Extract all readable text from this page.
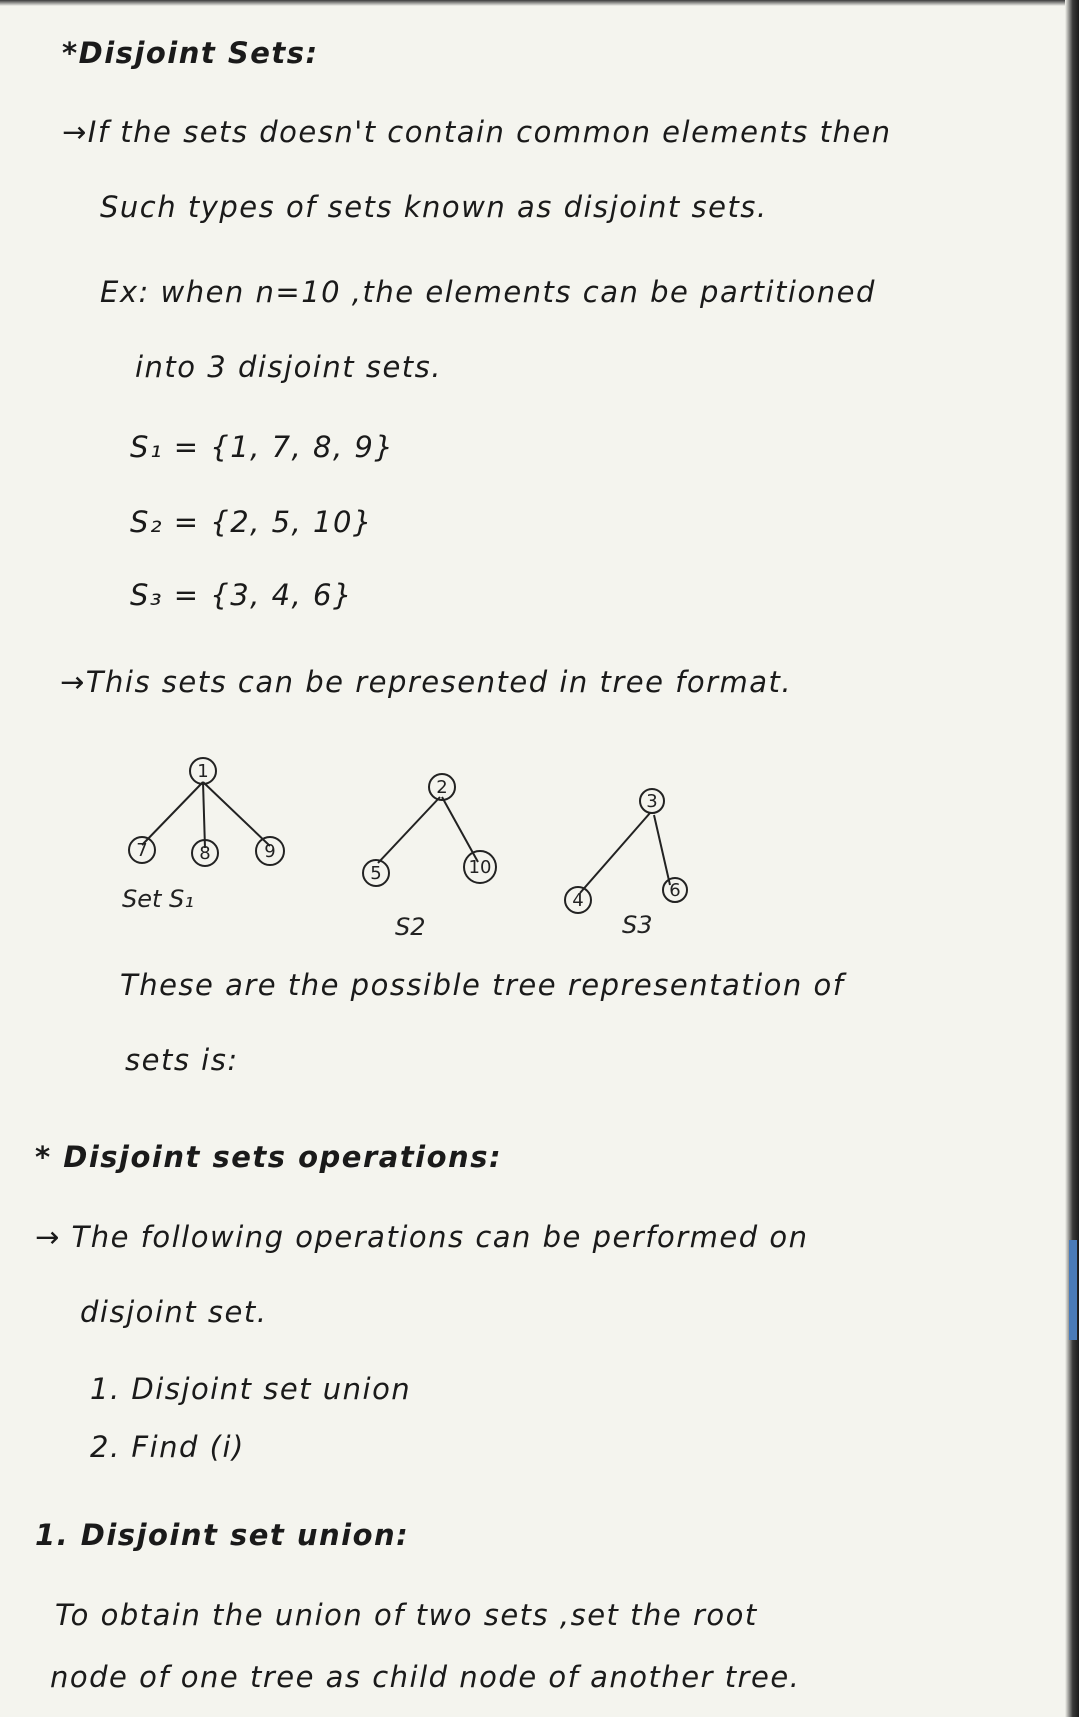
*Disjoint Sets:

→If the sets doesn't contain common elements then

Such types of sets known as disjoint sets.

Ex: when n=10 ,the elements can be partitioned

into 3 disjoint sets.

S₁ = {1, 7, 8, 9}

S₂ = {2, 5, 10}

S₃ = {3, 4, 6}

→This sets can be represented in tree format.

1
7	8	9
Set S₁
2
5	10
S2
3
4	6
S3

These are the possible tree representation of

sets is:

* Disjoint sets operations:

→ The following operations can be performed on

disjoint set.

1. Disjoint set union

2. Find (i)

1. Disjoint set union:

To obtain the union of two sets ,set the root

node of one tree as child node of another tree.
